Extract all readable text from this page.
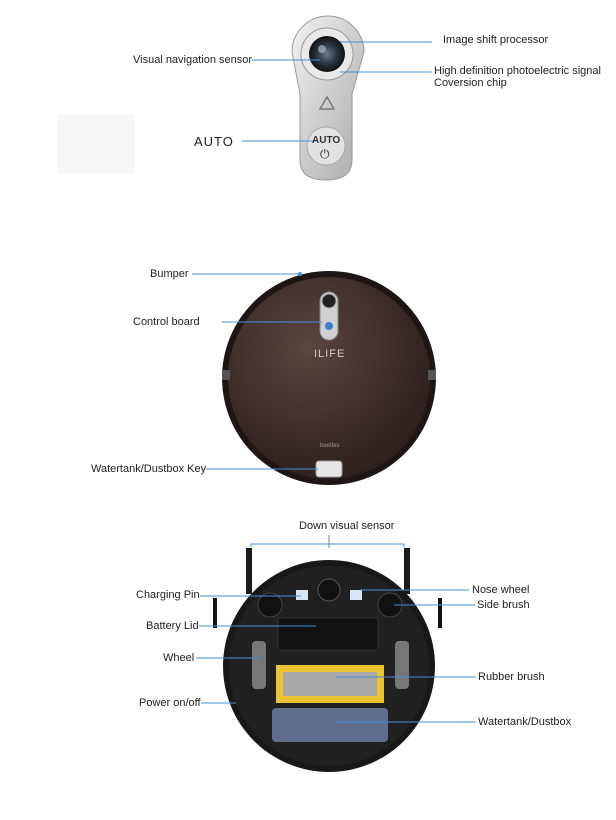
AUTO
⏻
ILIFE
beetles
Image shift processor
Visual navigation sensor
High definition photoelectric signal
Coversion chip
AUTO
Bumper
Control board
Watertank/Dustbox Key
Down visual sensor
Charging Pin	Nose wheel
Side brush
Battery Lid
Wheel
Rubber brush
Power on/off
Watertank/Dustbox
